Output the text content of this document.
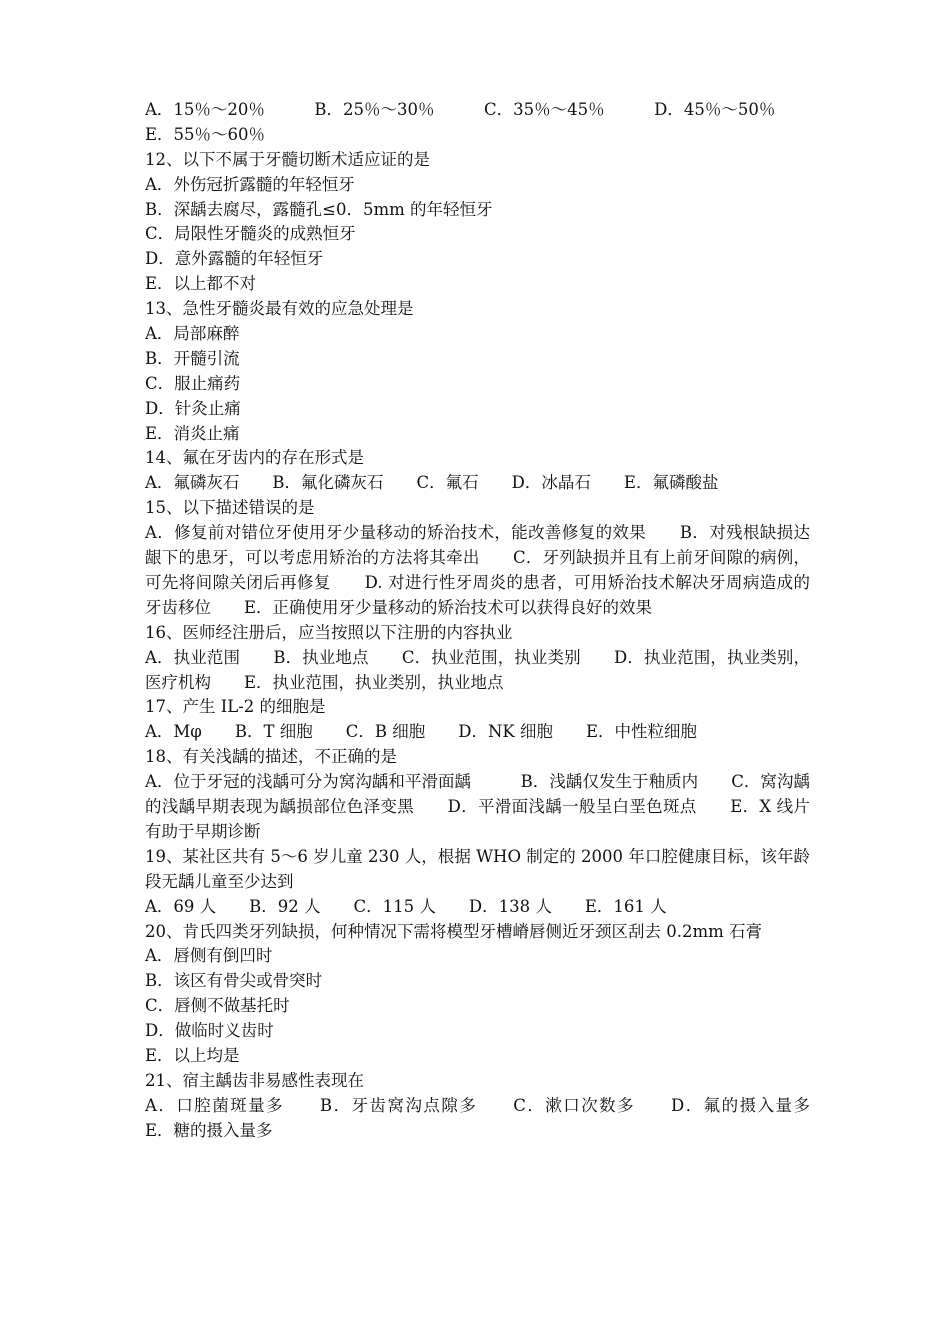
A．15％～20％　　　B．25％～30％　　　C．35％～45％　　　D．45％～50％
E．55％～60％
12、以下不属于牙髓切断术适应证的是
A．外伤冠折露髓的年轻恒牙
B．深龋去腐尽，露髓孔≤0．5mm 的年轻恒牙
C．局限性牙髓炎的成熟恒牙
D．意外露髓的年轻恒牙
E．以上都不对
13、急性牙髓炎最有效的应急处理是
A．局部麻醉
B．开髓引流
C．服止痛药
D．针灸止痛
E．消炎止痛
14、氟在牙齿内的存在形式是
A．氟磷灰石　　B．氟化磷灰石　　C．氟石　　D．冰晶石　　E．氟磷酸盐
15、以下描述错误的是
A．修复前对错位牙使用牙少量移动的矫治技术，能改善修复的效果　　B．对残根缺损达龈下的患牙，可以考虑用矫治的方法将其牵出　　C．牙列缺损并且有上前牙间隙的病例，可先将间隙关闭后再修复　　D. 对进行性牙周炎的患者，可用矫治技术解决牙周病造成的牙齿移位　　E．正确使用牙少量移动的矫治技术可以获得良好的效果
16、医师经注册后，应当按照以下注册的内容执业
A．执业范围　　B．执业地点　　C．执业范围，执业类别　　D．执业范围，执业类别，医疗机构　　E．执业范围，执业类别，执业地点
17、产生 IL-2 的细胞是
A．Mφ　　B．T 细胞　　C．B 细胞　　D．NK 细胞　　E．中性粒细胞
18、有关浅龋的描述，不正确的是
A．位于牙冠的浅龋可分为窝沟龋和平滑面龋　　　B．浅龋仅发生于釉质内　　C．窝沟龋的浅龋早期表现为龋损部位色泽变黑　　D．平滑面浅龋一般呈白垩色斑点　　E．X 线片有助于早期诊断
19、某社区共有 5～6 岁儿童 230 人，根据 WHO 制定的 2000 年口腔健康目标，该年龄段无龋儿童至少达到
A．69 人　　B．92 人　　C．115 人　　D．138 人　　E．161 人
20、肯氏四类牙列缺损，何种情况下需将模型牙槽嵴唇侧近牙颈区刮去 0.2mm 石膏
A．唇侧有倒凹时
B．该区有骨尖或骨突时
C．唇侧不做基托时
D．做临时义齿时
E．以上均是
21、宿主龋齿非易感性表现在
A．口腔菌斑量多　　B．牙齿窝沟点隙多　　C．漱口次数多　　D．氟的摄入量多　　E．糖的摄入量多
